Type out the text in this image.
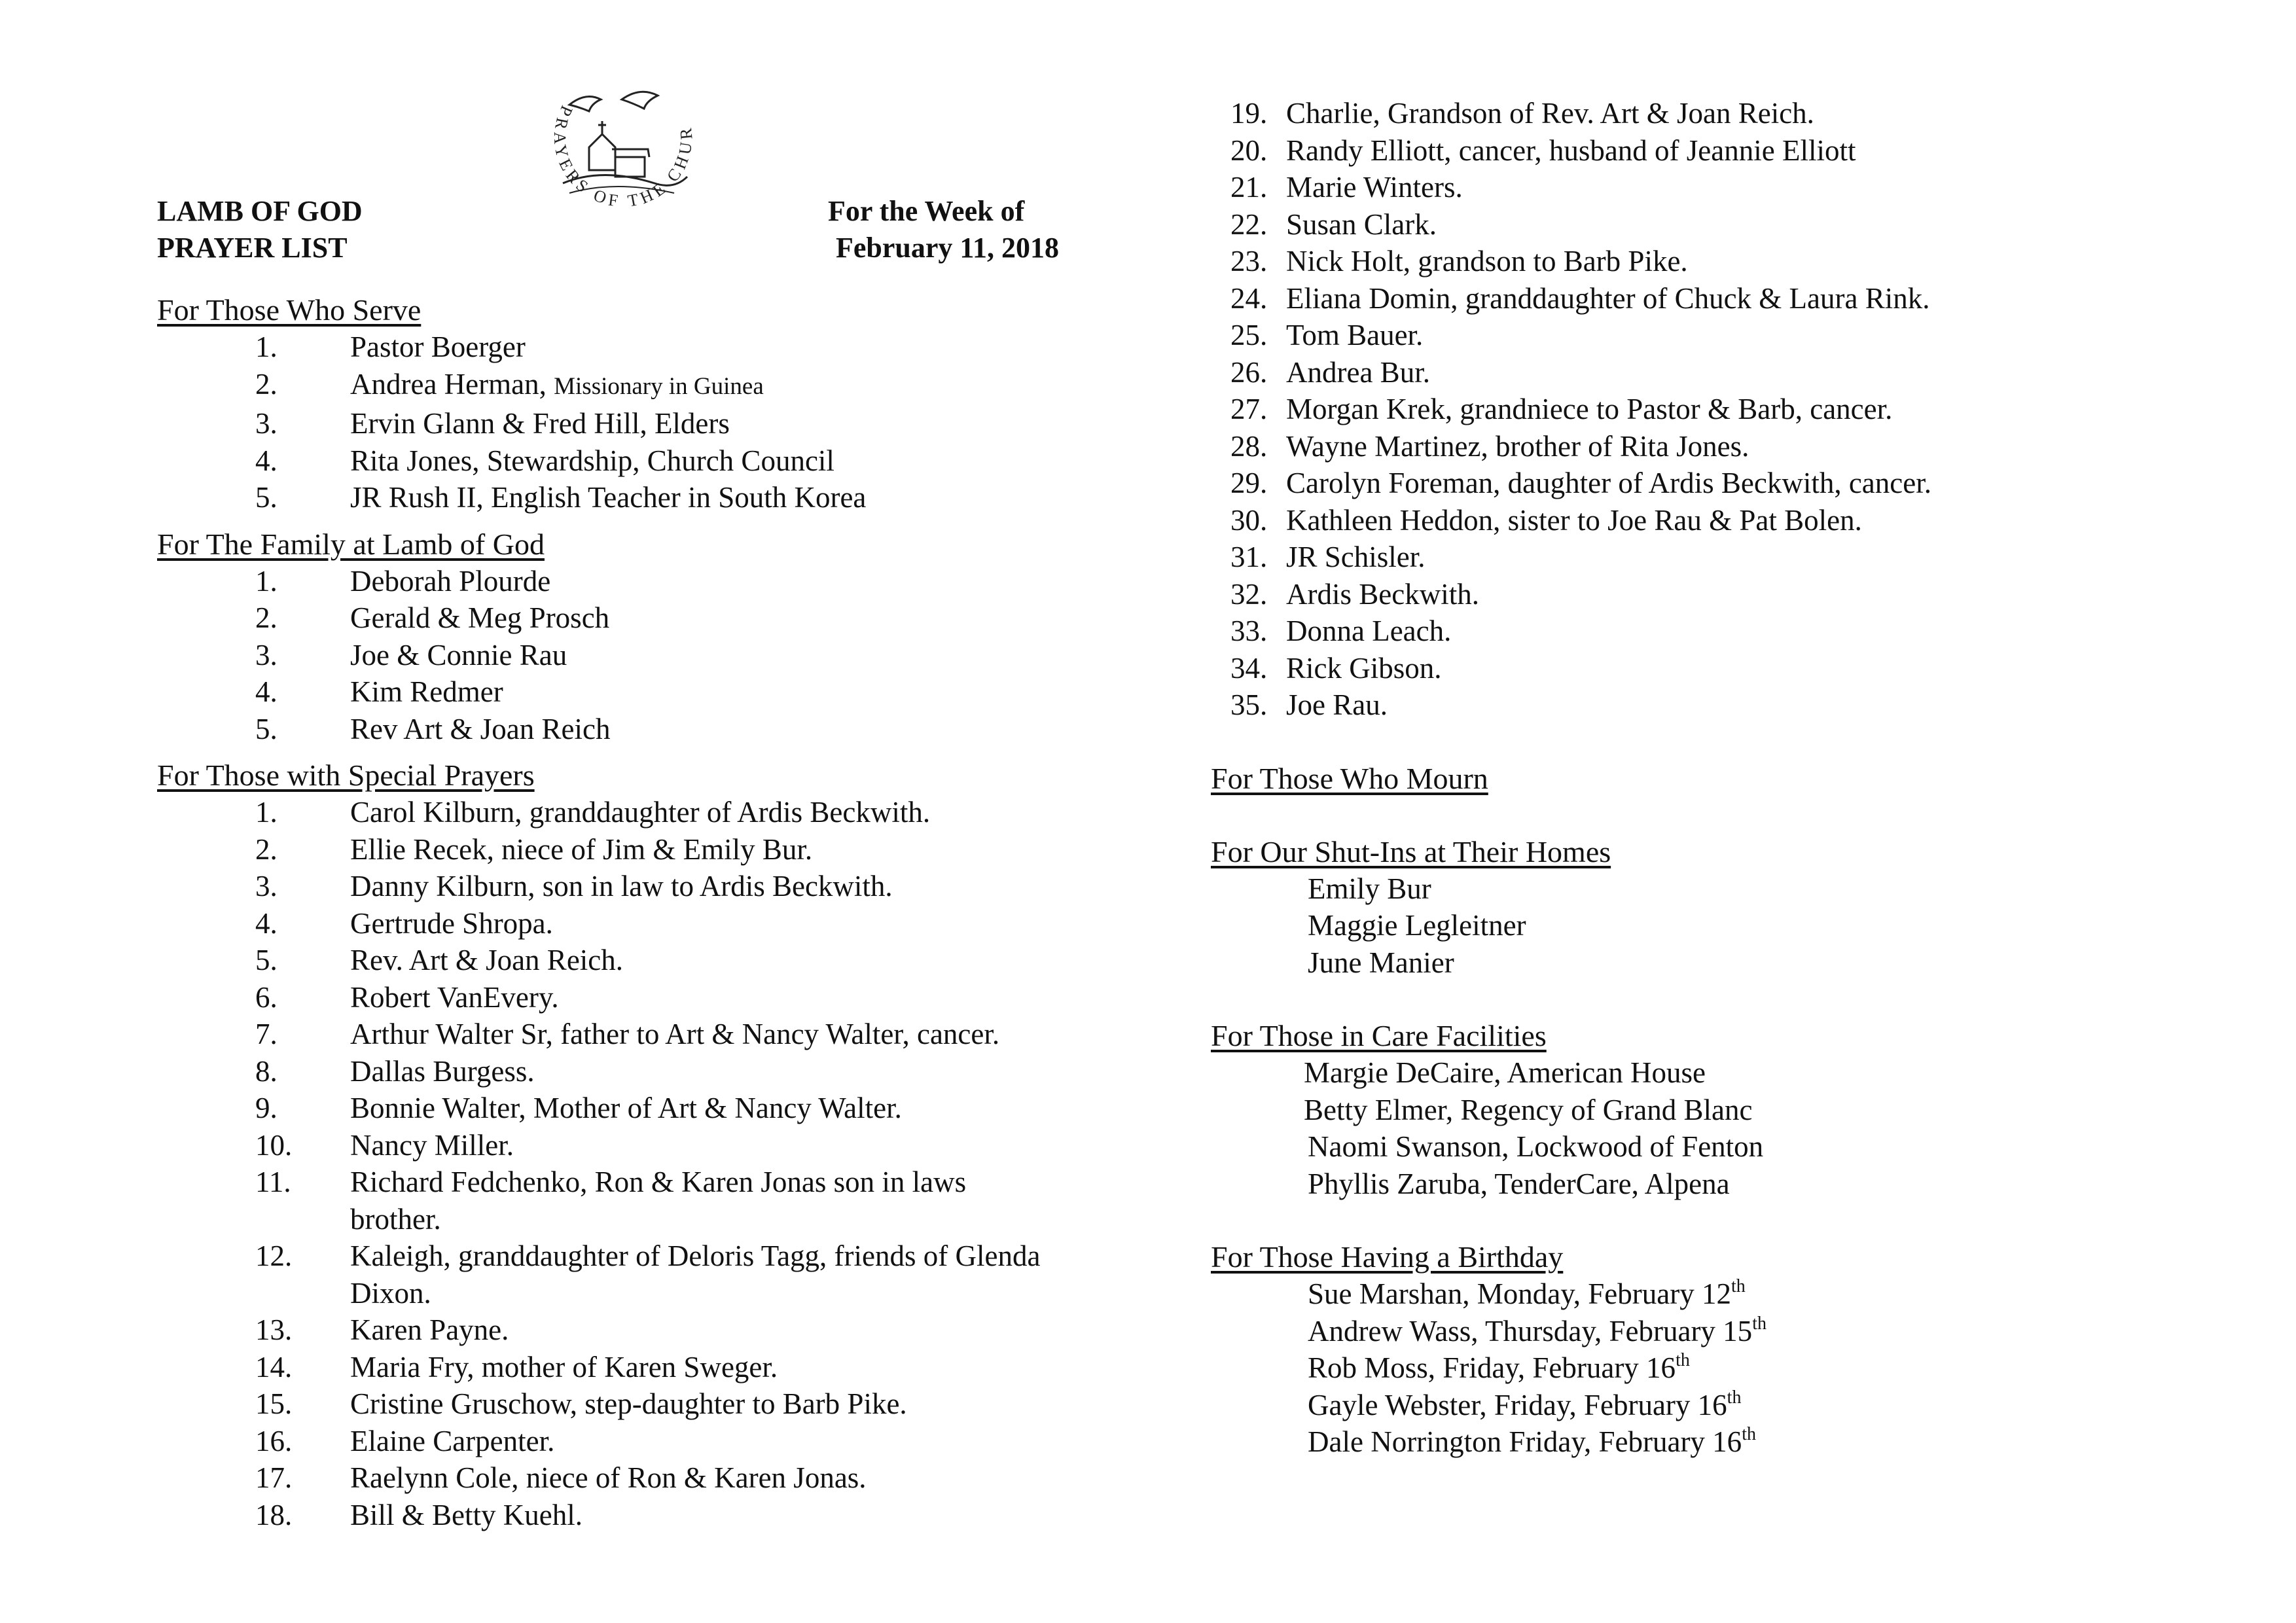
PRAYERS OF THE CHUR
LAMB OF GOD
PRAYER LIST
For the Week of
February 11, 2018
For Those Who Serve
1. Pastor Boerger
2. Andrea Herman, Missionary in Guinea
3. Ervin Glann & Fred Hill, Elders
4. Rita Jones, Stewardship, Church Council
5. JR Rush II, English Teacher in South Korea
For The Family at Lamb of God
1. Deborah Plourde
2. Gerald & Meg Prosch
3. Joe & Connie Rau
4. Kim Redmer
5. Rev Art & Joan Reich
For Those with Special Prayers
1. Carol Kilburn, granddaughter of Ardis Beckwith.
2. Ellie Recek, niece of Jim & Emily Bur.
3. Danny Kilburn, son in law to Ardis Beckwith.
4. Gertrude Shropa.
5. Rev. Art & Joan Reich.
6. Robert VanEvery.
7. Arthur Walter Sr, father to Art & Nancy Walter, cancer.
8. Dallas Burgess.
9. Bonnie Walter, Mother of Art & Nancy Walter.
10. Nancy Miller.
11. Richard Fedchenko, Ron & Karen Jonas son in laws
brother.
12. Kaleigh, granddaughter of Deloris Tagg, friends of Glenda
Dixon.
13. Karen Payne.
14. Maria Fry, mother of Karen Sweger.
15. Cristine Gruschow, step-daughter to Barb Pike.
16. Elaine Carpenter.
17. Raelynn Cole, niece of Ron & Karen Jonas.
18. Bill & Betty Kuehl.
19. Charlie, Grandson of Rev. Art & Joan Reich.
20. Randy Elliott, cancer, husband of Jeannie Elliott
21. Marie Winters.
22. Susan Clark.
23. Nick Holt, grandson to Barb Pike.
24. Eliana Domin, granddaughter of Chuck & Laura Rink.
25. Tom Bauer.
26. Andrea Bur.
27. Morgan Krek, grandniece to Pastor & Barb, cancer.
28. Wayne Martinez, brother of Rita Jones.
29. Carolyn Foreman, daughter of Ardis Beckwith, cancer.
30. Kathleen Heddon, sister to Joe Rau & Pat Bolen.
31. JR Schisler.
32. Ardis Beckwith.
33. Donna Leach.
34. Rick Gibson.
35. Joe Rau.
For Those Who Mourn
For Our Shut-Ins at Their Homes
Emily Bur
Maggie Legleitner
June Manier
For Those in Care Facilities
Margie DeCaire, American House
Betty Elmer, Regency of Grand Blanc
Naomi Swanson, Lockwood of Fenton
Phyllis Zaruba, TenderCare, Alpena
For Those Having a Birthday
Sue Marshan, Monday, February 12th
Andrew Wass, Thursday, February 15th
Rob Moss, Friday, February 16th
Gayle Webster, Friday, February 16th
Dale Norrington Friday, February 16th
